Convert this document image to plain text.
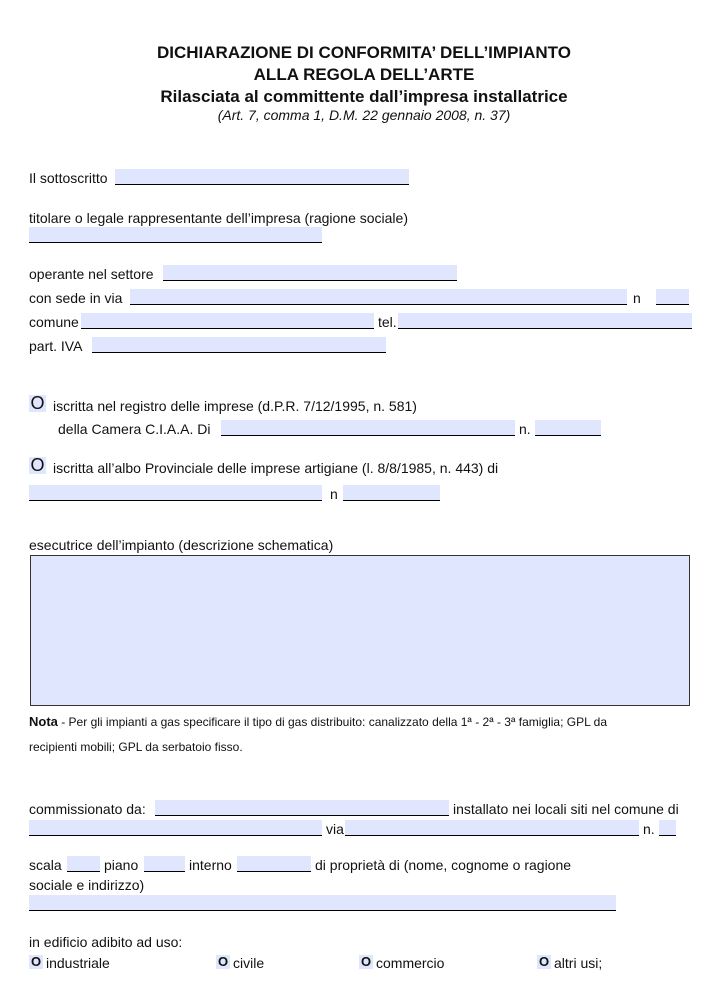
DICHIARAZIONE DI CONFORMITA’ DELL’IMPIANTO
ALLA REGOLA DELL’ARTE
Rilasciata al committente dall’impresa installatrice
(Art. 7, comma 1, D.M. 22 gennaio 2008, n. 37)
Il sottoscritto
titolare o legale rappresentante dell’impresa (ragione sociale)
operante nel settore
con sede in via	n
comune	tel.
part. IVA
O iscritta nel registro delle imprese (d.P.R. 7/12/1995, n. 581)
della Camera C.I.A.A. Di	n.
O iscritta all’albo Provinciale delle imprese artigiane (l. 8/8/1985, n. 443) di
n
esecutrice dell’impianto (descrizione schematica)
Nota - Per gli impianti a gas specificare il tipo di gas distribuito: canalizzato della 1ª - 2ª - 3ª famiglia; GPL da
recipienti mobili; GPL da serbatoio fisso.
commissionato da:	installato nei locali siti nel comune di
via	n.
scala	piano	interno	di proprietà di (nome, cognome o ragione
sociale e indirizzo)
in edificio adibito ad uso:
O industriale	O civile	O commercio	O altri usi;
